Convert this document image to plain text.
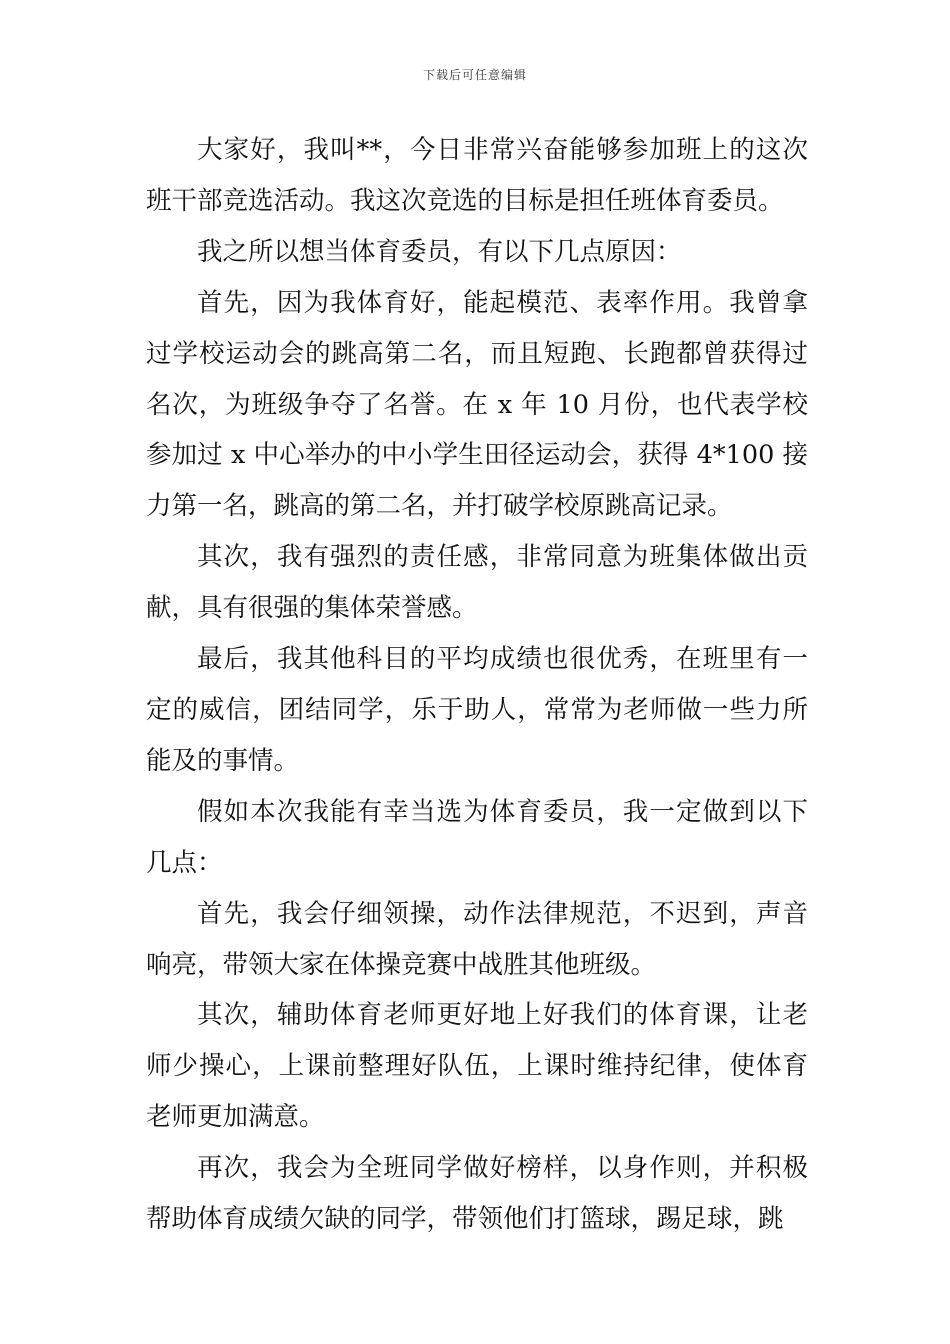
下载后可任意编辑

大家好，我叫**，今日非常兴奋能够参加班上的这次班干部竞选活动。我这次竞选的目标是担任班体育委员。

我之所以想当体育委员，有以下几点原因：

首先，因为我体育好，能起模范、表率作用。我曾拿过学校运动会的跳高第二名，而且短跑、长跑都曾获得过名次，为班级争夺了名誉。在 x 年 10 月份，也代表学校参加过 x 中心举办的中小学生田径运动会，获得 4*100 接力第一名，跳高的第二名，并打破学校原跳高记录。

其次，我有强烈的责任感，非常同意为班集体做出贡献，具有很强的集体荣誉感。

最后，我其他科目的平均成绩也很优秀，在班里有一定的威信，团结同学，乐于助人，常常为老师做一些力所能及的事情。

假如本次我能有幸当选为体育委员，我一定做到以下几点：

首先，我会仔细领操，动作法律规范，不迟到，声音响亮，带领大家在体操竞赛中战胜其他班级。

其次，辅助体育老师更好地上好我们的体育课，让老师少操心，上课前整理好队伍，上课时维持纪律，使体育老师更加满意。

再次，我会为全班同学做好榜样，以身作则，并积极帮助体育成绩欠缺的同学，带领他们打篮球，踢足球，跳
